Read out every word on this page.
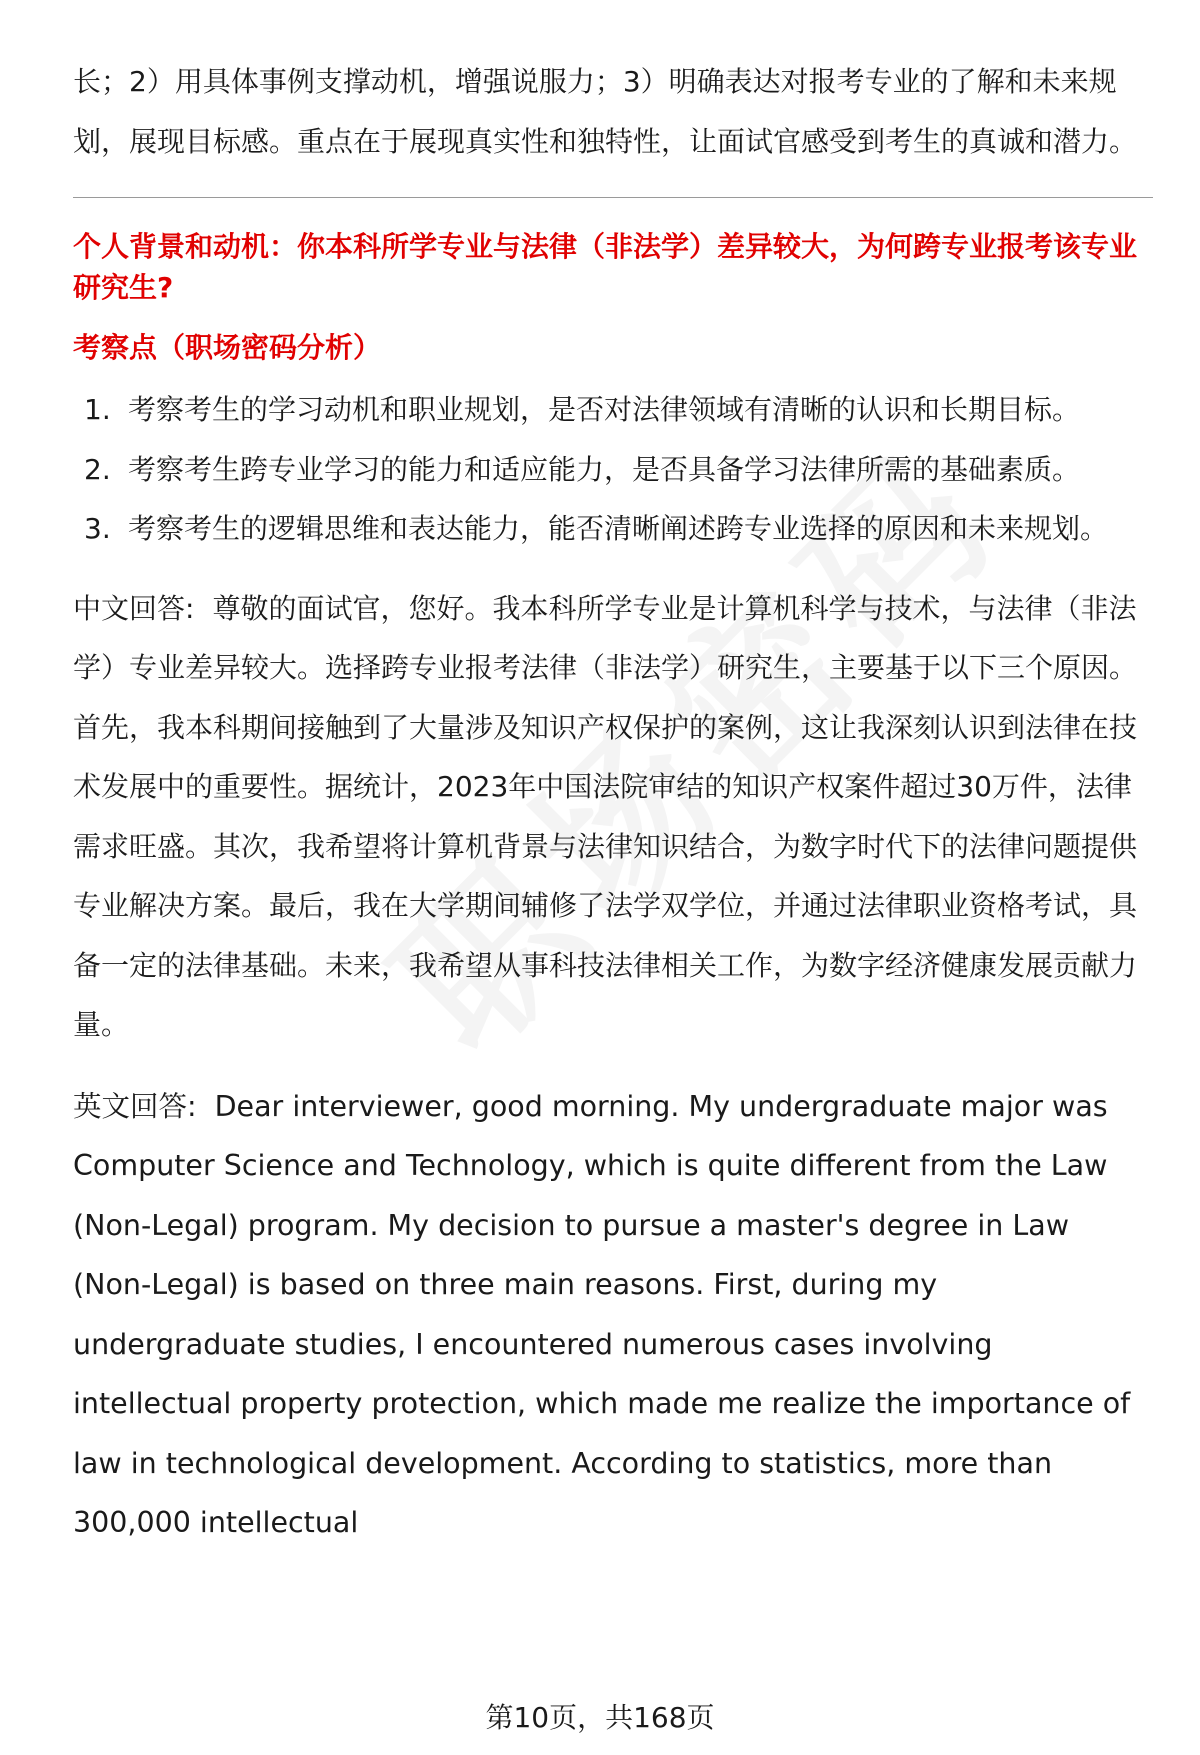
长；2）用具体事例支撑动机，增强说服力；3）明确表达对报考专业的了解和未来规划，展现目标感。重点在于展现真实性和独特性，让面试官感受到考生的真诚和潜力。

个人背景和动机：你本科所学专业与法律（非法学）差异较大，为何跨专业报考该专业研究生?

考察点（职场密码分析）

1. 考察考生的学习动机和职业规划，是否对法律领域有清晰的认识和长期目标。
2. 考察考生跨专业学习的能力和适应能力，是否具备学习法律所需的基础素质。
3. 考察考生的逻辑思维和表达能力，能否清晰阐述跨专业选择的原因和未来规划。

中文回答: 尊敬的面试官，您好。我本科所学专业是计算机科学与技术，与法律（非法学）专业差异较大。选择跨专业报考法律（非法学）研究生，主要基于以下三个原因。首先，我本科期间接触到了大量涉及知识产权保护的案例，这让我深刻认识到法律在技术发展中的重要性。据统计，2023年中国法院审结的知识产权案件超过30万件，法律需求旺盛。其次，我希望将计算机背景与法律知识结合，为数字时代下的法律问题提供专业解决方案。最后，我在大学期间辅修了法学双学位，并通过法律职业资格考试，具备一定的法律基础。未来，我希望从事科技法律相关工作，为数字经济健康发展贡献力量。

英文回答: Dear interviewer, good morning. My undergraduate major was Computer Science and Technology, which is quite different from the Law (Non-Legal) program. My decision to pursue a master's degree in Law (Non-Legal) is based on three main reasons. First, during my undergraduate studies, I encountered numerous cases involving intellectual property protection, which made me realize the importance of law in technological development. According to statistics, more than 300,000 intellectual

第10页，共168页
